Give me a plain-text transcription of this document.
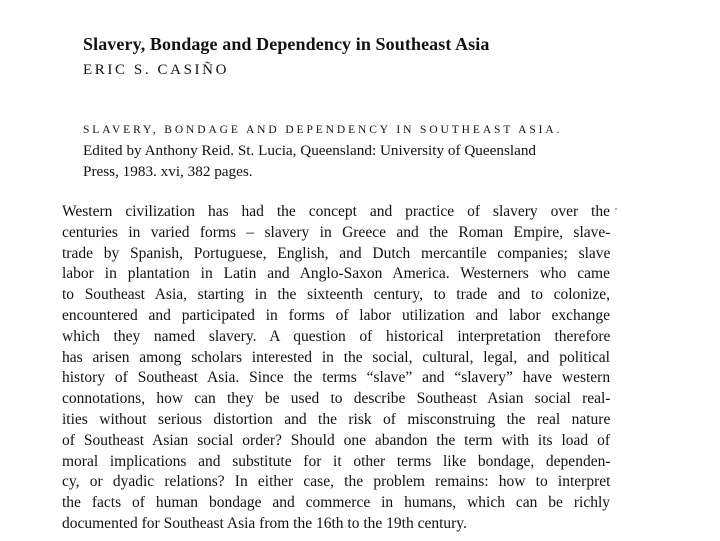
Slavery, Bondage and Dependency in Southeast Asia
ERIC S. CASIÑO
SLAVERY, BONDAGE AND DEPENDENCY IN SOUTHEAST ASIA.
Edited by Anthony Reid. St. Lucia, Queensland: University of Queensland
Press, 1983. xvi, 382 pages.
Western civilization has had the concept and practice of slavery over the
centuries in varied forms – slavery in Greece and the Roman Empire, slave-
trade by Spanish, Portuguese, English, and Dutch mercantile companies; slave
labor in plantation in Latin and Anglo-Saxon America. Westerners who came
to Southeast Asia, starting in the sixteenth century, to trade and to colonize,
encountered and participated in forms of labor utilization and labor exchange
which they named slavery. A question of historical interpretation therefore
has arisen among scholars interested in the social, cultural, legal, and political
history of Southeast Asia. Since the terms “slave” and “slavery” have western
connotations, how can they be used to describe Southeast Asian social real-
ities without serious distortion and the risk of misconstruing the real nature
of Southeast Asian social order? Should one abandon the term with its load of
moral implications and substitute for it other terms like bondage, dependen-
cy, or dyadic relations? In either case, the problem remains: how to interpret
the facts of human bondage and commerce in humans, which can be richly
documented for Southeast Asia from the 16th to the 19th century.
